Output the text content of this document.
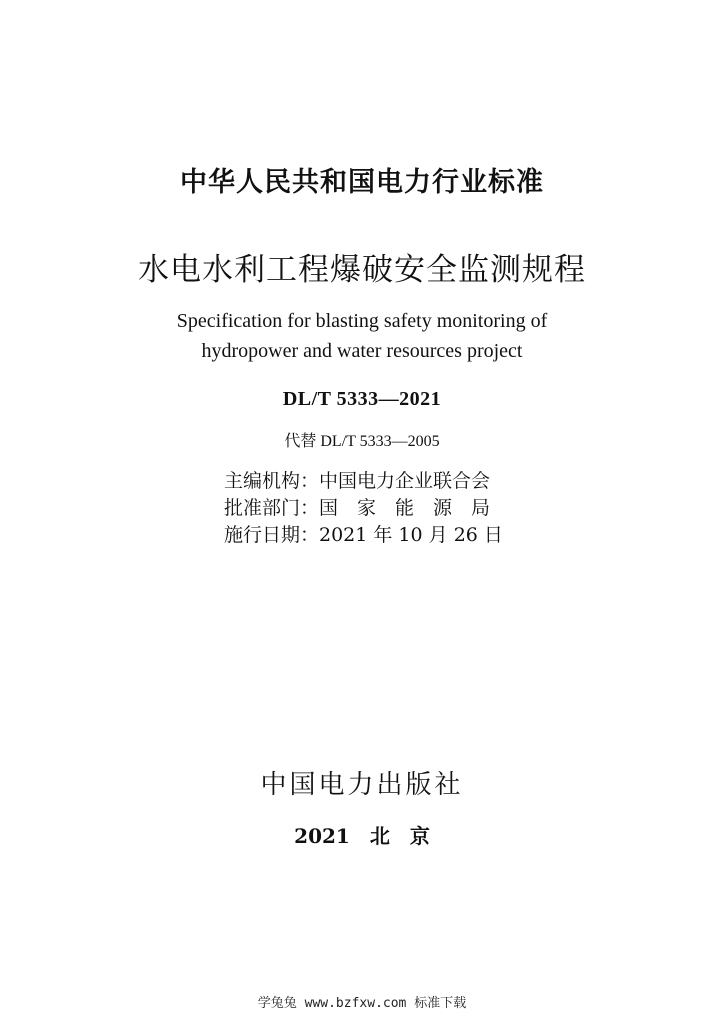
中华人民共和国电力行业标准
水电水利工程爆破安全监测规程
Specification for blasting safety monitoring of
hydropower and water resources project
DL/T 5333—2021
代替 DL/T 5333—2005
主编机构：中国电力企业联合会
批准部门：国　家　能　源　局
施行日期：2021 年 10 月 26 日
中国电力出版社
2021　北　京
学兔兔 www.bzfxw.com 标准下载
